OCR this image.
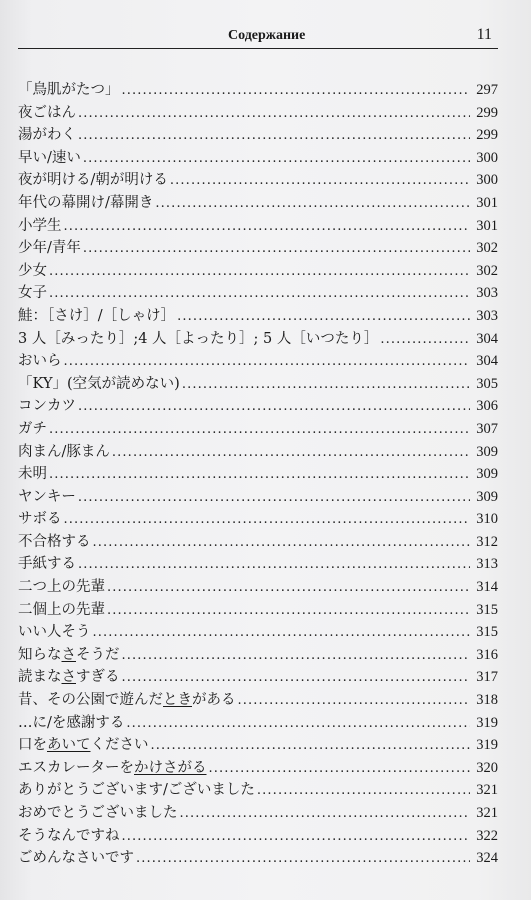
Содержание	11
「鳥肌がたつ」 . . .	297
夜ごはん . . .	299
湯がわく . . .	299
早い/速い . . .	300
夜が明ける/朝が明ける . . .	300
年代の幕開け/幕開き . . .	301
小学生 . . .	301
少年/青年 . . .	302
少女 . . .	302
女子 . . .	303
鮭：［さけ］/［しゃけ］ . . .	303
3 人［みったり］;4 人［よったり］; 5 人［いつたり］ . . .	304
おいら . . .	304
「KY」(空気が読めない) . . .	305
コンカツ . . .	306
ガチ . . .	307
肉まん/豚まん . . .	309
未明 . . .	309
ヤンキー . . .	309
サボる . . .	310
不合格する . . .	312
手紙する . . .	313
二つ上の先輩 . . .	314
二個上の先輩 . . .	315
いい人そう . . .	315
知らなさそうだ . . .	316
読まなさすぎる . . .	317
昔、その公園で遊んだときがある . . .	318
…に/を感謝する . . .	319
口をあいてください . . .	319
エスカレーターをかけさがる . . .	320
ありがとうございます/ございました . . .	321
おめでとうございました . . .	321
そうなんですね . . .	322
ごめんなさいです . . .	324
